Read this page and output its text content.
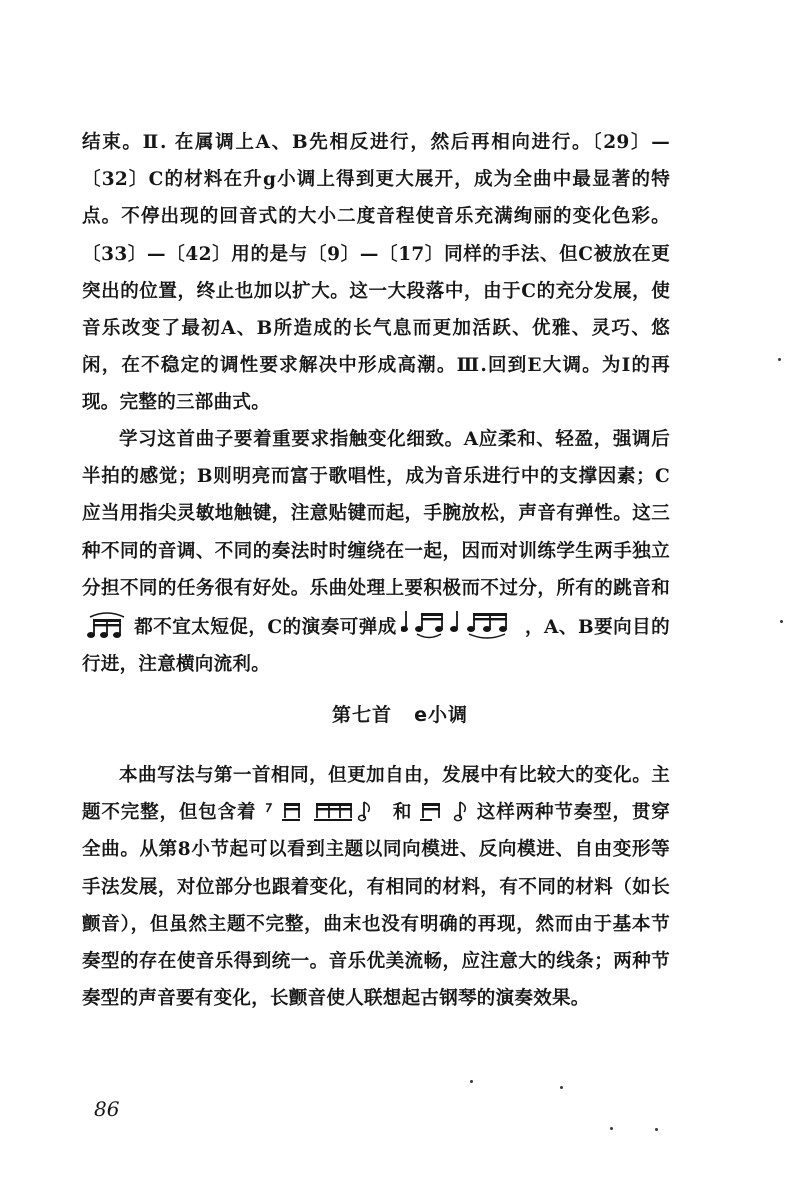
结束。Ⅱ. 在属调上A、B先相反进行，然后再相向进行。〔29〕—〔32〕C的材料在升g小调上得到更大展开，成为全曲中最显著的特点。不停出现的回音式的大小二度音程使音乐充满绚丽的变化色彩。〔33〕—〔42〕用的是与〔9〕—〔17〕同样的手法、但C被放在更突出的位置，终止也加以扩大。这一大段落中，由于C的充分发展，使音乐改变了最初A、B所造成的长气息而更加活跃、优雅、灵巧、悠闲，在不稳定的调性要求解决中形成高潮。Ⅲ.回到E大调。为Ⅰ的再现。完整的三部曲式。

学习这首曲子要着重要求指触变化细致。A应柔和、轻盈，强调后半拍的感觉；B则明亮而富于歌唱性，成为音乐进行中的支撑因素；C应当用指尖灵敏地触键，注意贴键而起，手腕放松，声音有弹性。这三种不同的音调、不同的奏法时时缠绕在一起，因而对训练学生两手独立分担不同的任务很有好处。乐曲处理上要积极而不过分，所有的跳音和
都不宜太短促，C的演奏可弹成	，A、B要向目的行进，注意横向流利。

第七首 e小调

本曲写法与第一首相同，但更加自由，发展中有比较大的变化。主题不完整，但包含着	和	这样两种节奏型，贯穿全曲。从第8小节起可以看到主题以同向模进、反向模进、自由变形等手法发展，对位部分也跟着变化，有相同的材料，有不同的材料（如长颤音），但虽然主题不完整，曲末也没有明确的再现，然而由于基本节奏型的存在使音乐得到统一。音乐优美流畅，应注意大的线条；两种节奏型的声音要有变化，长颤音使人联想起古钢琴的演奏效果。

86
